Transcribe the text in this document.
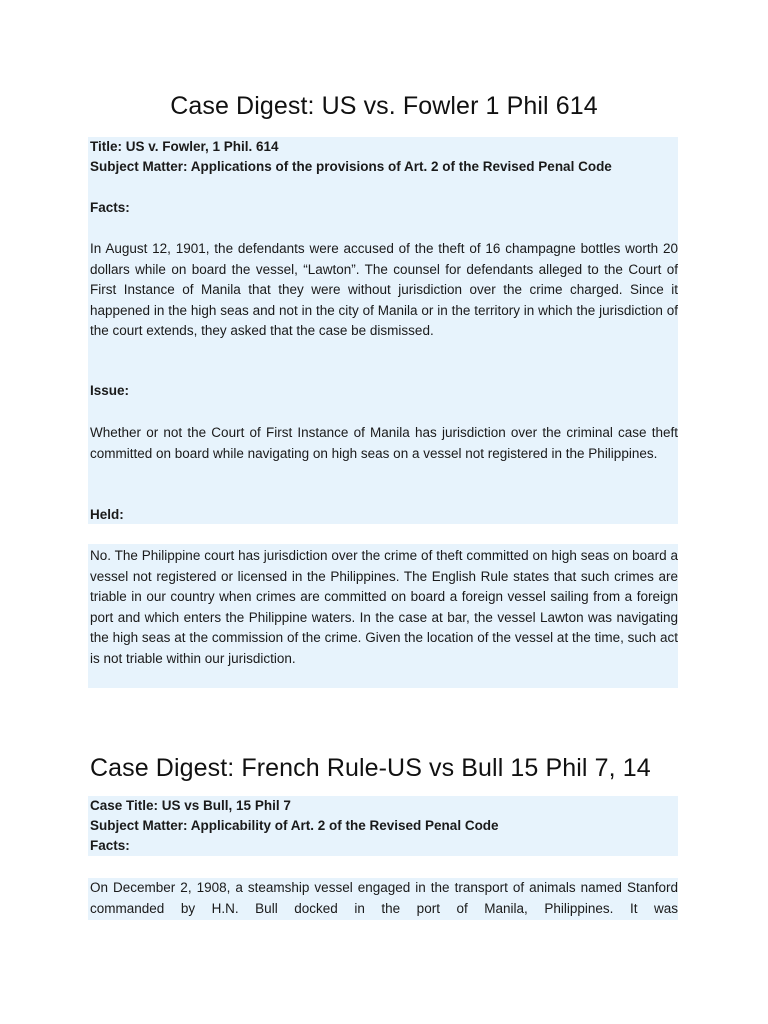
Case Digest: US vs. Fowler 1 Phil 614
Title: US v. Fowler, 1 Phil. 614
Subject Matter: Applications of the provisions of Art. 2 of the Revised Penal Code
Facts:
In August 12, 1901, the defendants were accused of the theft of 16 champagne bottles worth 20 dollars while on board the vessel, “Lawton”. The counsel for defendants alleged to the Court of First Instance of Manila that they were without jurisdiction over the crime charged. Since it happened in the high seas and not in the city of Manila or in the territory in which the jurisdiction of the court extends, they asked that the case be dismissed.
Issue:
Whether or not the Court of First Instance of Manila has jurisdiction over the criminal case theft committed on board while navigating on high seas on a vessel not registered in the Philippines.
Held:
No. The Philippine court has jurisdiction over the crime of theft committed on high seas on board a vessel not registered or licensed in the Philippines. The English Rule states that such crimes are triable in our country when crimes are committed on board a foreign vessel sailing from a foreign port and which enters the Philippine waters. In the case at bar, the vessel Lawton was navigating the high seas at the commission of the crime. Given the location of the vessel at the time, such act is not triable within our jurisdiction.
Case Digest: French Rule-US vs Bull 15 Phil 7, 14
Case Title: US vs Bull, 15 Phil 7
Subject Matter: Applicability of Art. 2 of the Revised Penal Code
Facts:
On December 2, 1908, a steamship vessel engaged in the transport of animals named Stanford commanded by H.N. Bull docked in the port of Manila, Philippines. It was
